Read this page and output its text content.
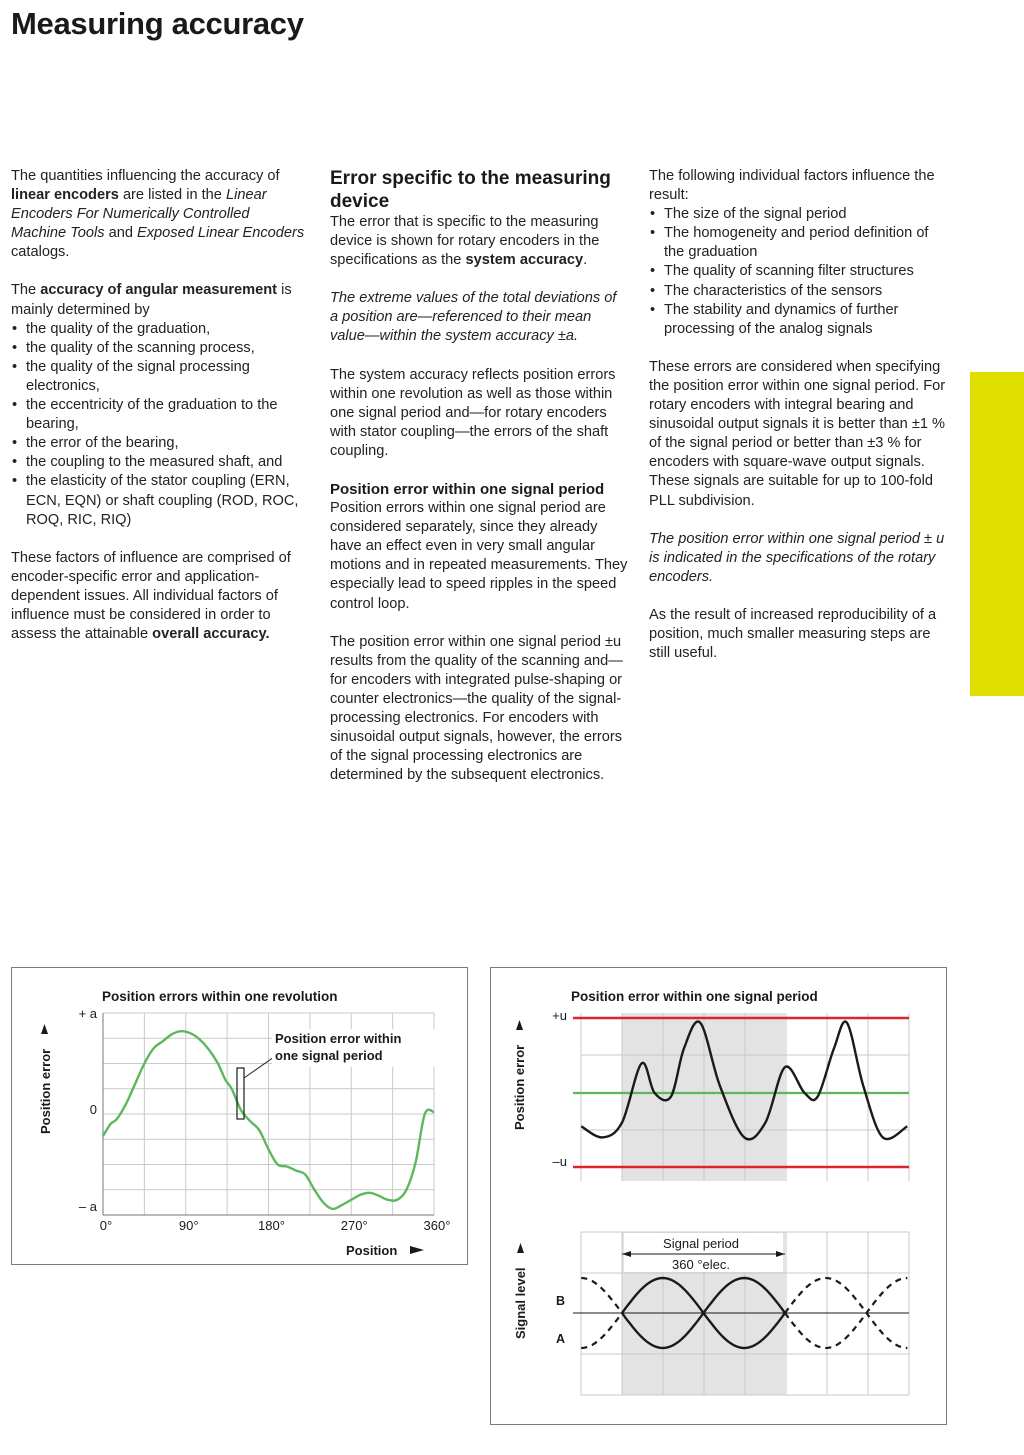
Measuring accuracy

The quantities influencing the accuracy of linear encoders are listed in the Linear Encoders For Numerically Controlled Machine Tools and Exposed Linear Encoders catalogs.

The accuracy of angular measurement is mainly determined by

• the quality of the graduation,
• the quality of the scanning process,
• the quality of the signal processing electronics,
• the eccentricity of the graduation to the bearing,
• the error of the bearing,
• the coupling to the measured shaft, and
• the elasticity of the stator coupling (ERN, ECN, EQN) or shaft coupling (ROD, ROC, ROQ, RIC, RIQ)

These factors of influence are comprised of encoder-specific error and application-dependent issues. All individual factors of influence must be considered in order to assess the attainable overall accuracy.

Error specific to the measuring device

The error that is specific to the measuring device is shown for rotary encoders in the specifications as the system accuracy.

The extreme values of the total deviations of a position are—referenced to their mean value—within the system accuracy ±a.

The system accuracy reflects position errors within one revolution as well as those within one signal period and—for rotary encoders with stator coupling—the errors of the shaft coupling.

Position error within one signal period

Position errors within one signal period are considered separately, since they already have an effect even in very small angular motions and in repeated measurements. They especially lead to speed ripples in the speed control loop.

The position error within one signal period ±u results from the quality of the scanning and—for encoders with integrated pulse-shaping or counter electronics—the quality of the signal-processing electronics. For encoders with sinusoidal output signals, however, the errors of the signal processing electronics are determined by the subsequent electronics.

The following individual factors influence the result:

• The size of the signal period
• The homogeneity and period definition of the graduation
• The quality of scanning filter structures
• The characteristics of the sensors
• The stability and dynamics of further processing of the analog signals

These errors are considered when specifying the position error within one signal period. For rotary encoders with integral bearing and sinusoidal output signals it is better than ±1 % of the signal period or better than ±3 % for encoders with square-wave output signals. These signals are suitable for up to 100-fold PLL subdivision.

The position error within one signal period ± u is indicated in the specifications of the rotary encoders.

As the result of increased reproducibility of a position, much smaller measuring steps are still useful.

Position errors within one revolution
+ a
0
– a
0°	90°	180°	270°	360°
Position error
Position
Position error within
one signal period
Position error within one signal period
+u
–u
Position error
Signal level
Signal period
360 °elec.
B
A
